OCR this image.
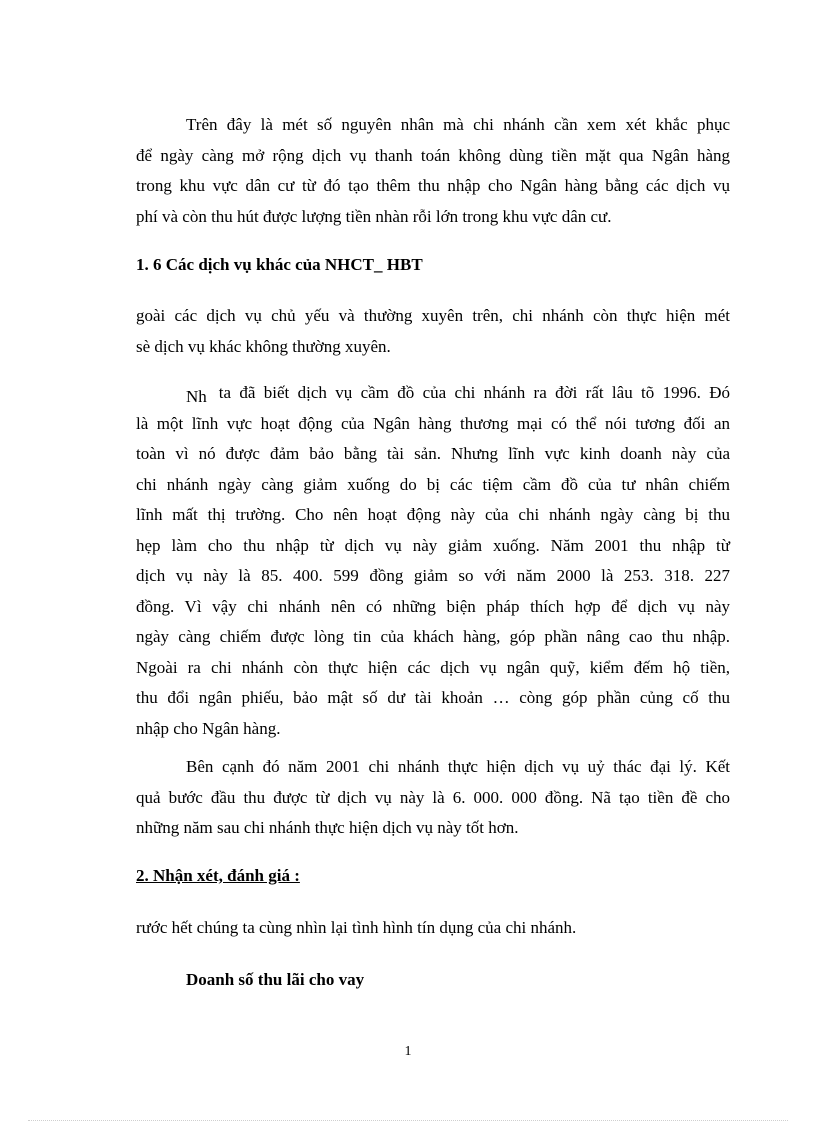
Trên đây là mét số nguyên nhân mà chi nhánh cần xem xét khắc phục
để ngày càng mở rộng dịch vụ thanh toán không dùng tiền mặt qua Ngân hàng
trong khu vực dân cư từ đó tạo thêm thu nhập cho Ngân hàng bằng các dịch vụ
phí và còn thu hút được lượng tiền nhàn rỗi lớn trong khu vực dân cư.
1. 6 Các dịch vụ khác của NHCT_ HBT
goài các dịch vụ chủ yếu và thường xuyên trên, chi nhánh còn thực hiện mét
sè dịch vụ khác không thường xuyên.
Nh ta đã biết dịch vụ cầm đồ của chi nhánh ra đời rất lâu tõ 1996. Đó
là một lĩnh vực hoạt động của Ngân hàng thương mại có thể nói tương đối an
toàn vì nó được đảm bảo bằng tài sản. Nhưng lĩnh vực kinh doanh này của
chi nhánh ngày càng giảm xuống do bị các tiệm cầm đồ của tư nhân chiếm
lĩnh mất thị trường. Cho nên hoạt động này của chi nhánh ngày càng bị thu
hẹp làm cho thu nhập từ dịch vụ này giảm xuống. Năm 2001 thu nhập từ
dịch vụ này là 85. 400. 599 đồng giảm so với năm 2000 là 253. 318. 227
đồng. Vì vậy chi nhánh nên có những biện pháp thích hợp để dịch vụ này
ngày càng chiếm được lòng tin của khách hàng, góp phần nâng cao thu nhập.
Ngoài ra chi nhánh còn thực hiện các dịch vụ ngân quỹ, kiểm đếm hộ tiền,
thu đổi ngân phiếu, bảo mật số dư tài khoản … còng góp phần củng cố thu
nhập cho Ngân hàng.
Bên cạnh đó năm 2001 chi nhánh thực hiện dịch vụ uỷ thác đại lý. Kết
quả bước đầu thu được từ dịch vụ này là 6. 000. 000 đồng. Nã tạo tiền đề cho
những năm sau chi nhánh thực hiện dịch vụ này tốt hơn.
2. Nhận xét, đánh giá :
rước hết chúng ta cùng nhìn lại tình hình tín dụng của chi nhánh.
Doanh số thu lãi cho vay
1
